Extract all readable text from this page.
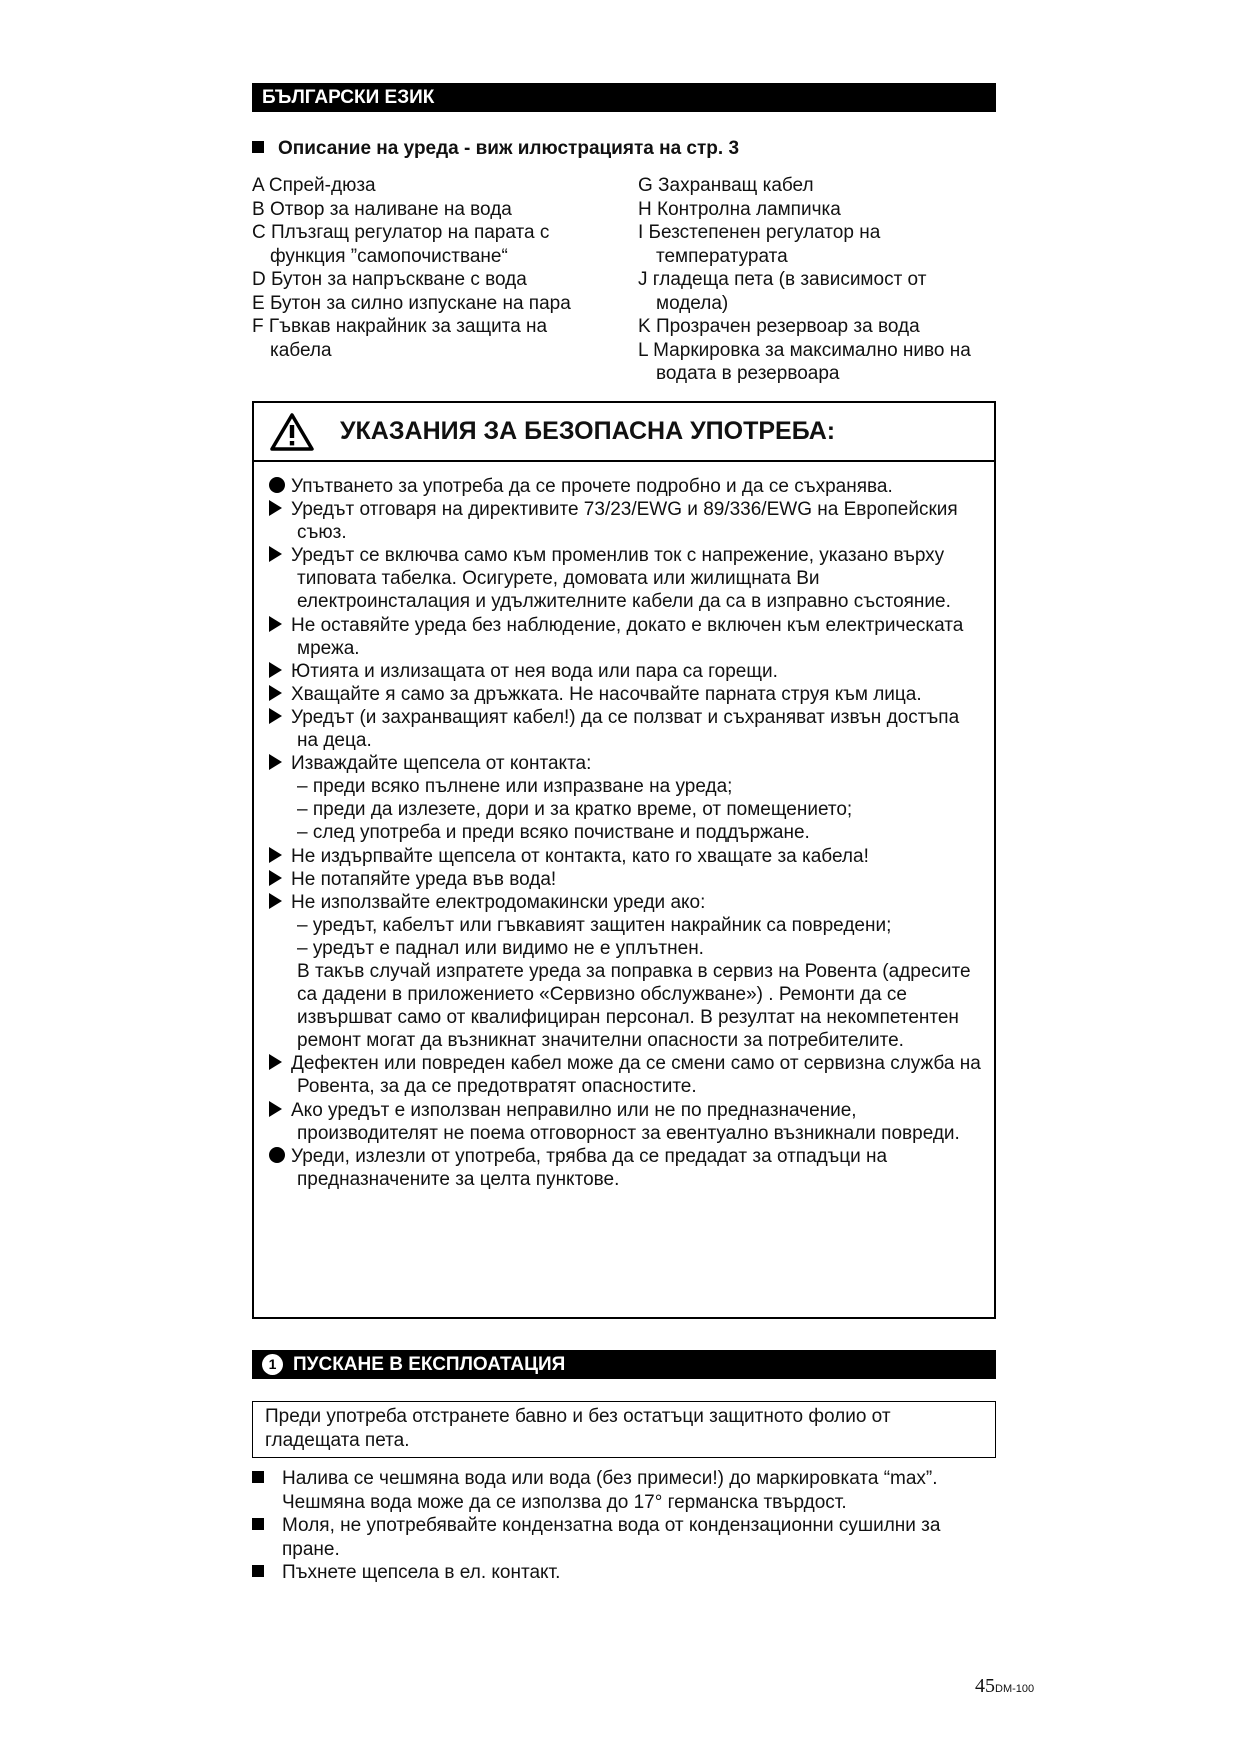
БЪЛГАРСКИ ЕЗИК
Описание на уреда - виж илюстрацията на стр. 3
A Спрей-дюза
B Отвор за наливане на вода
C Плъзгащ регулатор на парата с функция ”самопочистване“
D Бутон за напръскване с вода
E Бутон за силно изпускане на пара
F Гъвкав накрайник за защита на кабела
G Захранващ кабел
H Контролна лампичка
I Безстепенен регулатор на температурата
J гладеща пета (в зависимост от модела)
K Прозрачен резервоар за вода
L Маркировка за максимално ниво на водата в резервоара
УКАЗАНИЯ ЗА БЕЗОПАСНА УПОТРЕБА:
Упътването за употреба да се прочете подробно и да се съхранява.
Уредът отговаря на директивите 73/23/EWG и 89/336/EWG на Европейския съюз.
Уредът се включва само към променлив ток с напрежение, указано върху типовата табелка. Осигурете, домовата или жилищната Ви електроинсталация и удължителните кабели да са в изправно състояние.
Не оставяйте уреда без наблюдение, докато е включен към електрическата мрежа.
Ютията и излизащата от нея вода или пара са горещи.
Хващайте я само за дръжката. Не насочвайте парната струя към лица.
Уредът (и захранващият кабел!) да се ползват и съхраняват извън достъпа на деца.
Изваждайте щепсела от контакта:
– преди всяко пълнене или изпразване на уреда;
– преди да излезете, дори и за кратко време, от помещението;
– след употреба и преди всяко почистване и поддържане.
Не издърпвайте щепсела от контакта, като го хващате за кабела!
Не потапяйте уреда във вода!
Не използвайте електродомакински уреди ако:
– уредът, кабелът или гъвкавият защитен накрайник са повредени;
– уредът е паднал или видимо не е уплътнен.
В такъв случай изпратете уреда за поправка в сервиз на Ровента (адресите са дадени в приложението «Сервизно обслужване») . Ремонти да се извършват само от квалифициран персонал. В резултат на некомпетентен ремонт могат да възникнат значителни опасности за потребителите.
Дефектен или повреден кабел може да се смени само от сервизна служба на Ровента, за да се предотвратят опасностите.
Ако уредът е използван неправилно или не по предназначение, производителят не поема отговорност за евентуално възникнали повреди.
Уреди, излезли от употреба, трябва да се предадат за отпадъци на предназначените за целта пунктове.
1 ПУСКАНЕ В ЕКСПЛОАТАЦИЯ
Преди употреба отстранете бавно и без остатъци защитното фолио от гладещата пета.
Налива се чешмяна вода или вода (без примеси!) до маркировката “max”. Чешмяна вода може да се използва до 17° германска твърдост.
Моля, не употребявайте кондензатна вода от кондензационни сушилни за пране.
Пъхнете щепсела в ел. контакт.
45DM-100
